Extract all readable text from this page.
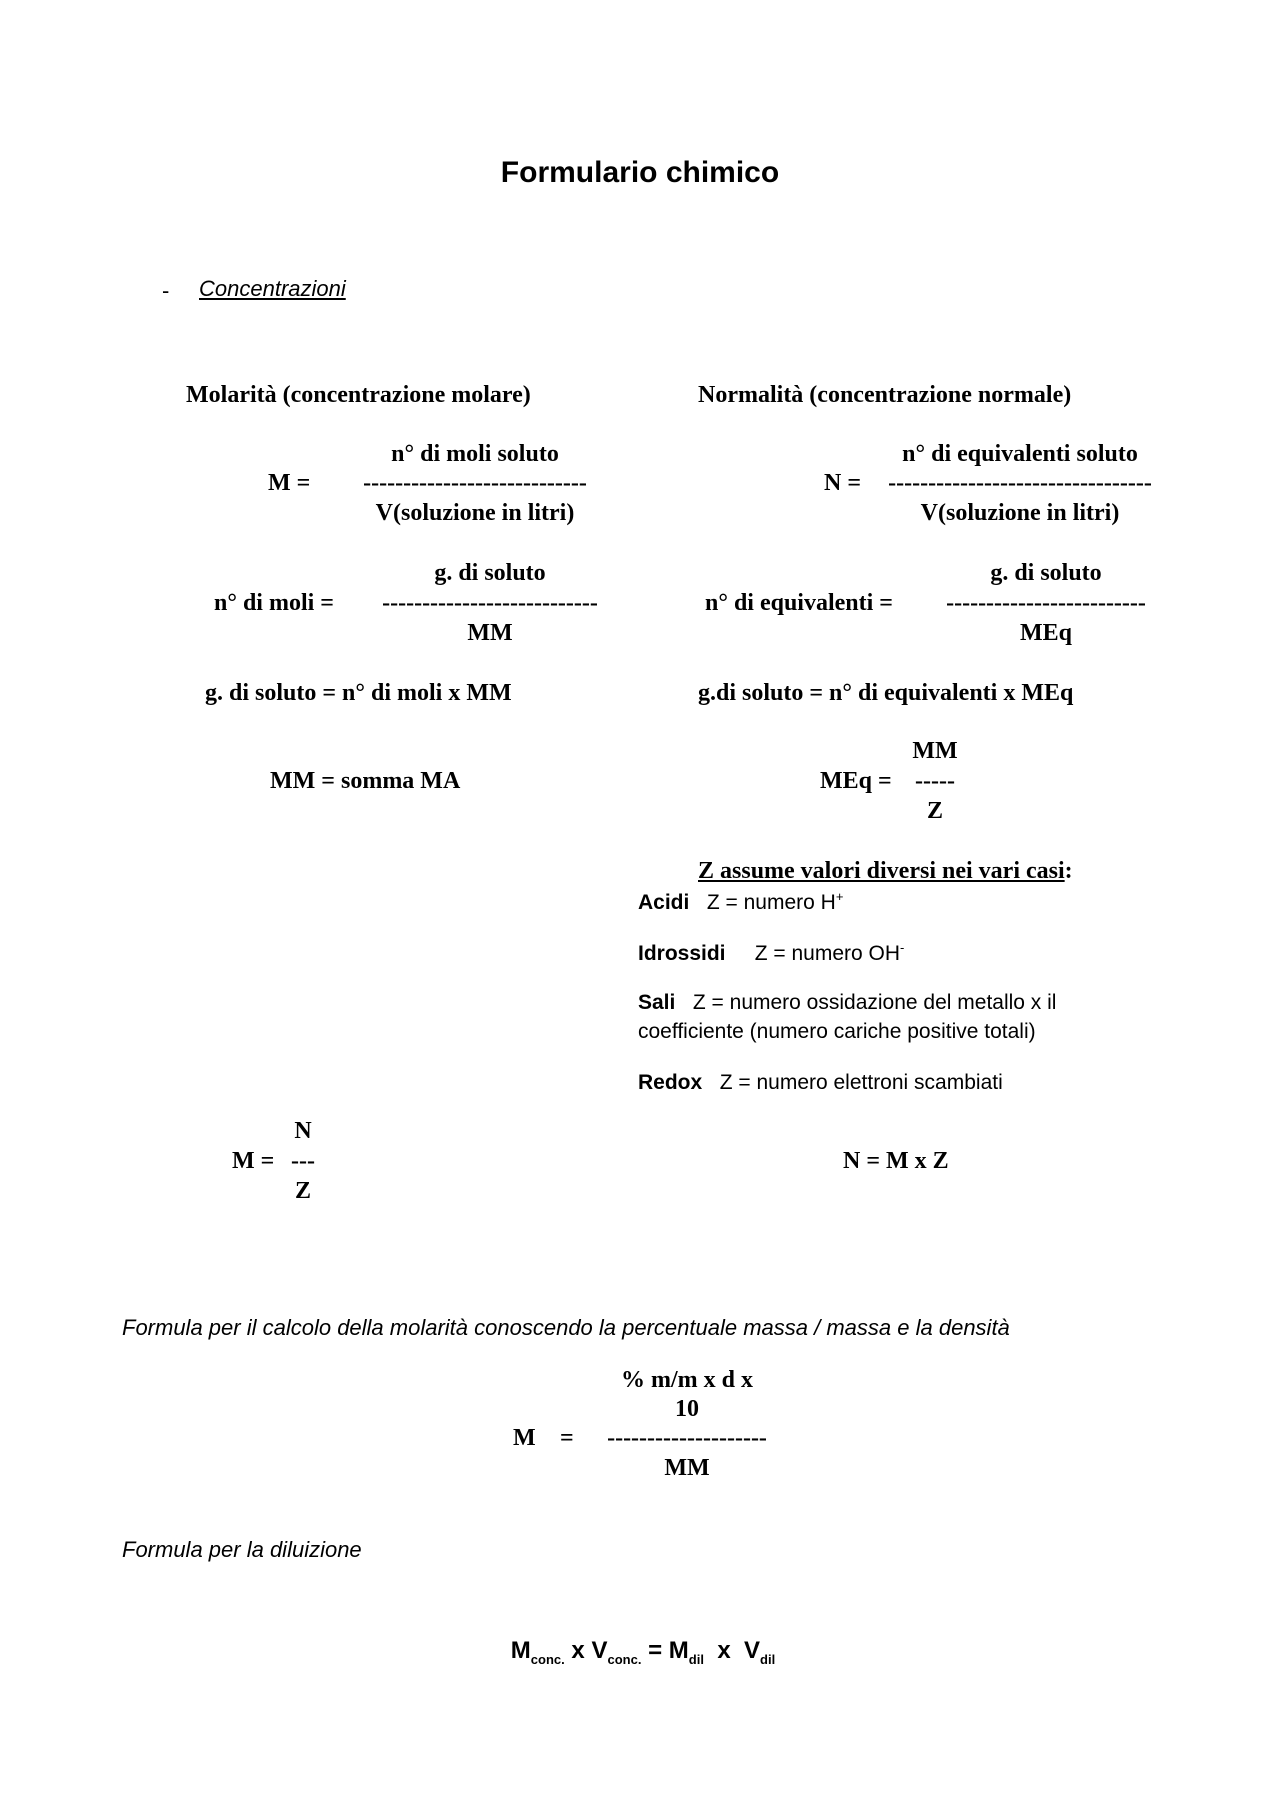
Formulario chimico
- Concentrazioni
Molarità (concentrazione molare)
M =
n° di moli soluto
----------------------------
V(soluzione in litri)
n° di moli =
g. di soluto
---------------------------
MM
g. di soluto = n° di moli x MM
MM = somma MA
M =
N
---
Z
Normalità (concentrazione normale)
N =
n° di equivalenti soluto
---------------------------------
V(soluzione in litri)
n° di equivalenti =
g. di soluto
-------------------------
MEq
g.di soluto = n° di equivalenti x MEq
MEq =
MM
-----
Z
Z assume valori diversi nei vari casi:
Acidi Z = numero H+
Idrossidi Z = numero OH-
Sali Z = numero ossidazione del metallo x il
coefficiente (numero cariche positive totali)
Redox Z = numero elettroni scambiati
N = M x Z
Formula per il calcolo della molarità conoscendo la percentuale massa / massa e la densità
M =
% m/m x d x
10
--------------------
MM
Formula per la diluizione
$M_{conc.}$ x $V_{conc.} = M_{dil}$ x $V_{dil}$
